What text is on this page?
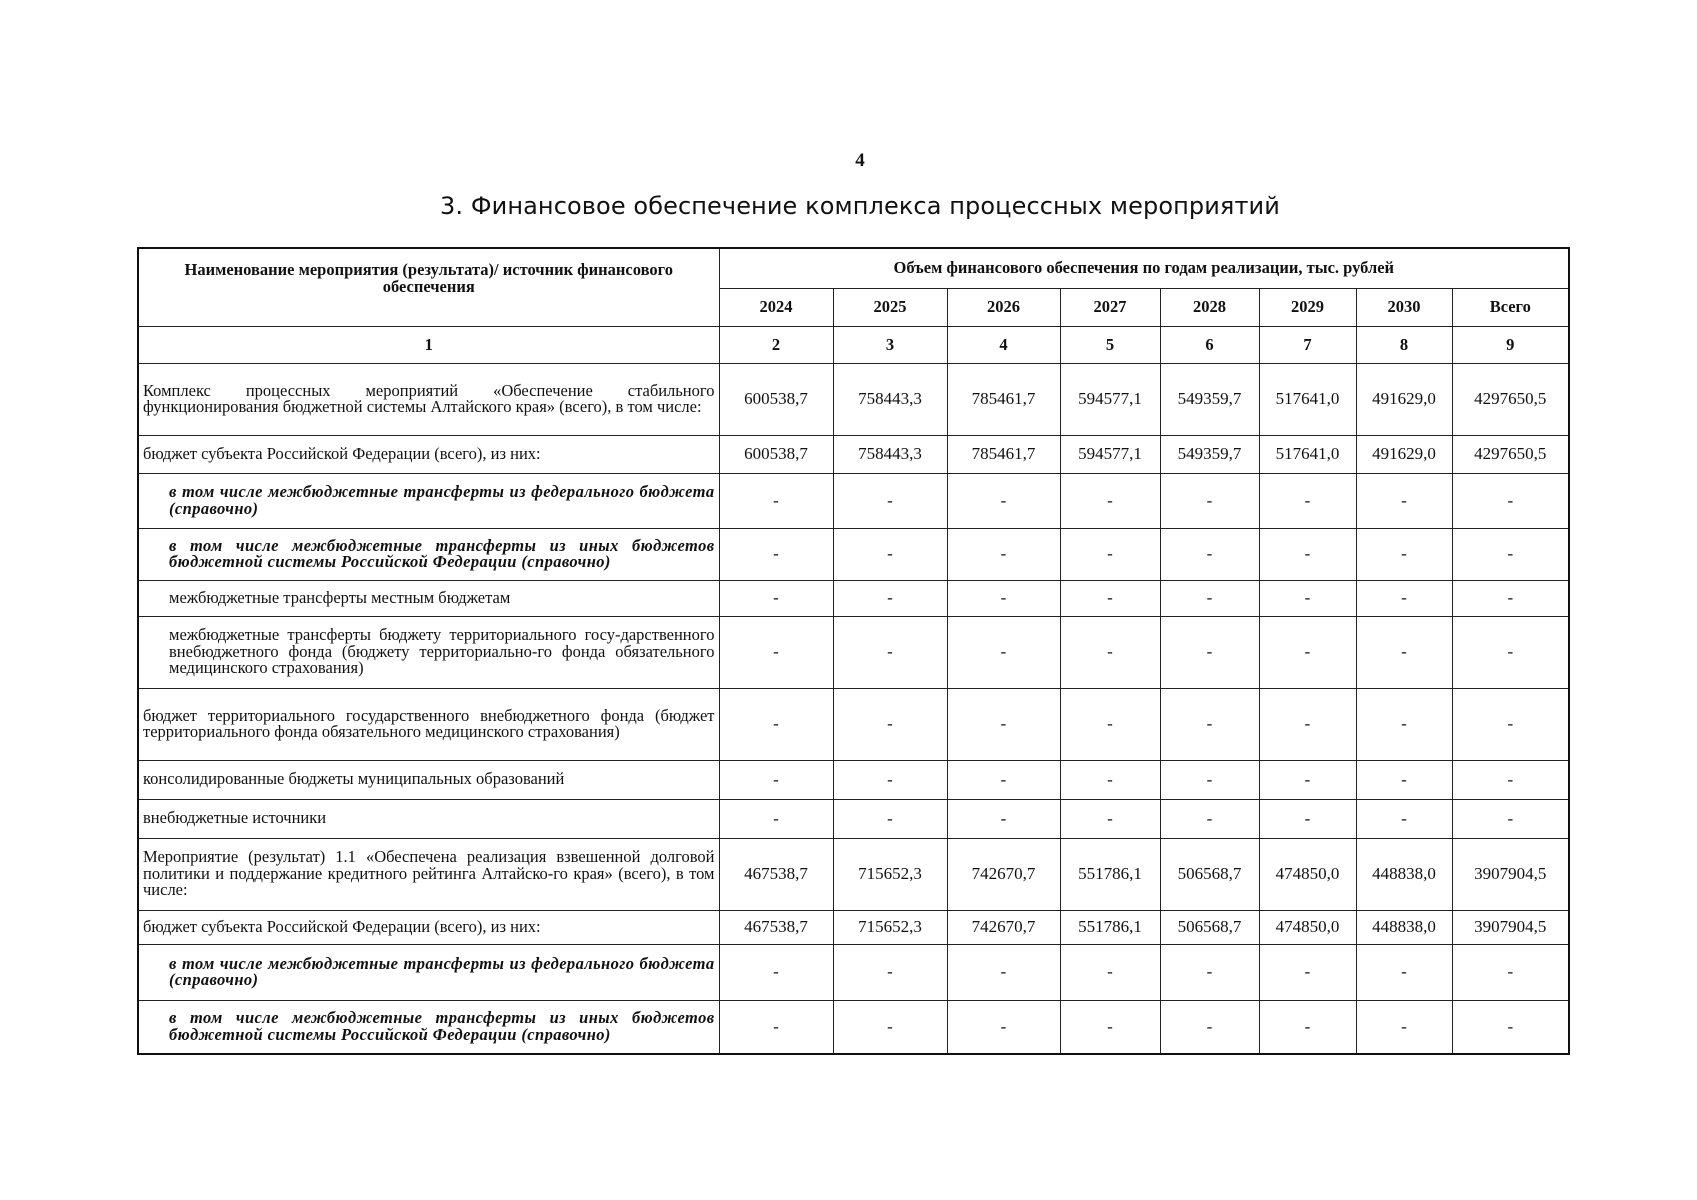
4
3. Финансовое обеспечение комплекса процессных мероприятий
Наименование мероприятия (результата)/ источник финансового обеспечения	Объем финансового обеспечения по годам реализации, тыс. рублей							
	2024	2025	2026	2027	2028	2029	2030	Всего
1	2	3	4	5	6	7	8	9
Комплекс процессных мероприятий «Обеспечение стабильного функционирования бюджетной системы Алтайского края» (всего), в том числе:	600538,7	758443,3	785461,7	594577,1	549359,7	517641,0	491629,0	4297650,5
бюджет субъекта Российской Федерации (всего), из них:	600538,7	758443,3	785461,7	594577,1	549359,7	517641,0	491629,0	4297650,5
в том числе межбюджетные трансферты из федерального бюджета (справочно)	-	-	-	-	-	-	-	-
в том числе межбюджетные трансферты из иных бюджетов бюджетной системы Российской Федерации (справочно)	-	-	-	-	-	-	-	-
межбюджетные трансферты местным бюджетам	-	-	-	-	-	-	-	-
межбюджетные трансферты бюджету территориального госу-дарственного внебюджетного фонда (бюджету территориально-го фонда обязательного медицинского страхования)	-	-	-	-	-	-	-	-
бюджет территориального государственного внебюджетного фонда (бюджет территориального фонда обязательного медицинского страхования)	-	-	-	-	-	-	-	-
консолидированные бюджеты муниципальных образований	-	-	-	-	-	-	-	-
внебюджетные источники	-	-	-	-	-	-	-	-
Мероприятие (результат) 1.1 «Обеспечена реализация взвешенной долговой политики и поддержание кредитного рейтинга Алтайско-го края» (всего), в том числе:	467538,7	715652,3	742670,7	551786,1	506568,7	474850,0	448838,0	3907904,5
бюджет субъекта Российской Федерации (всего), из них:	467538,7	715652,3	742670,7	551786,1	506568,7	474850,0	448838,0	3907904,5
в том числе межбюджетные трансферты из федерального бюджета (справочно)	-	-	-	-	-	-	-	-
в том числе межбюджетные трансферты из иных бюджетов бюджетной системы Российской Федерации (справочно)	-	-	-	-	-	-	-	-
